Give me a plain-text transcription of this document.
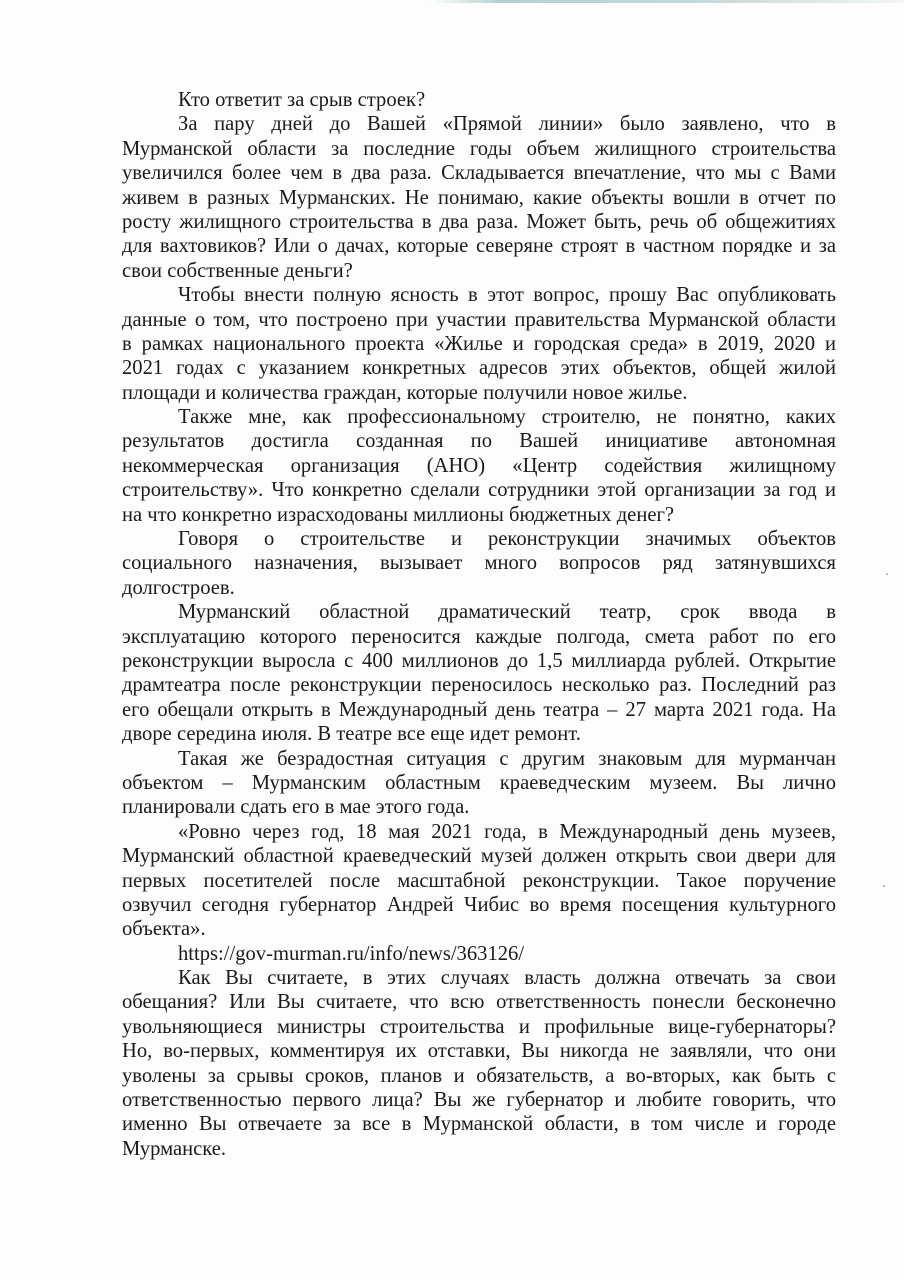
Кто ответит за срыв строек?
За пару дней до Вашей «Прямой линии» было заявлено, что в
Мурманской области за последние годы объем жилищного строительства
увеличился более чем в два раза. Складывается впечатление, что мы с Вами
живем в разных Мурманских. Не понимаю, какие объекты вошли в отчет по
росту жилищного строительства в два раза. Может быть, речь об общежитиях
для вахтовиков? Или о дачах, которые северяне строят в частном порядке и за
свои собственные деньги?
Чтобы внести полную ясность в этот вопрос, прошу Вас опубликовать
данные о том, что построено при участии правительства Мурманской области
в рамках национального проекта «Жилье и городская среда» в 2019, 2020 и
2021 годах с указанием конкретных адресов этих объектов, общей жилой
площади и количества граждан, которые получили новое жилье.
Также мне, как профессиональному строителю, не понятно, каких
результатов достигла созданная по Вашей инициативе автономная
некоммерческая организация (АНО) «Центр содействия жилищному
строительству». Что конкретно сделали сотрудники этой организации за год и
на что конкретно израсходованы миллионы бюджетных денег?
Говоря о строительстве и реконструкции значимых объектов
социального назначения, вызывает много вопросов ряд затянувшихся
долгостроев.
Мурманский областной драматический театр, срок ввода в
эксплуатацию которого переносится каждые полгода, смета работ по его
реконструкции выросла с 400 миллионов до 1,5 миллиарда рублей. Открытие
драмтеатра после реконструкции переносилось несколько раз. Последний раз
его обещали открыть в Международный день театра – 27 марта 2021 года. На
дворе середина июля. В театре все еще идет ремонт.
Такая же безрадостная ситуация с другим знаковым для мурманчан
объектом – Мурманским областным краеведческим музеем. Вы лично
планировали сдать его в мае этого года.
«Ровно через год, 18 мая 2021 года, в Международный день музеев,
Мурманский областной краеведческий музей должен открыть свои двери для
первых посетителей после масштабной реконструкции. Такое поручение
озвучил сегодня губернатор Андрей Чибис во время посещения культурного
объекта».
https://gov-murman.ru/info/news/363126/
Как Вы считаете, в этих случаях власть должна отвечать за свои
обещания? Или Вы считаете, что всю ответственность понесли бесконечно
увольняющиеся министры строительства и профильные вице-губернаторы?
Но, во-первых, комментируя их отставки, Вы никогда не заявляли, что они
уволены за срывы сроков, планов и обязательств, а во-вторых, как быть с
ответственностью первого лица? Вы же губернатор и любите говорить, что
именно Вы отвечаете за все в Мурманской области, в том числе и городе
Мурманске.
